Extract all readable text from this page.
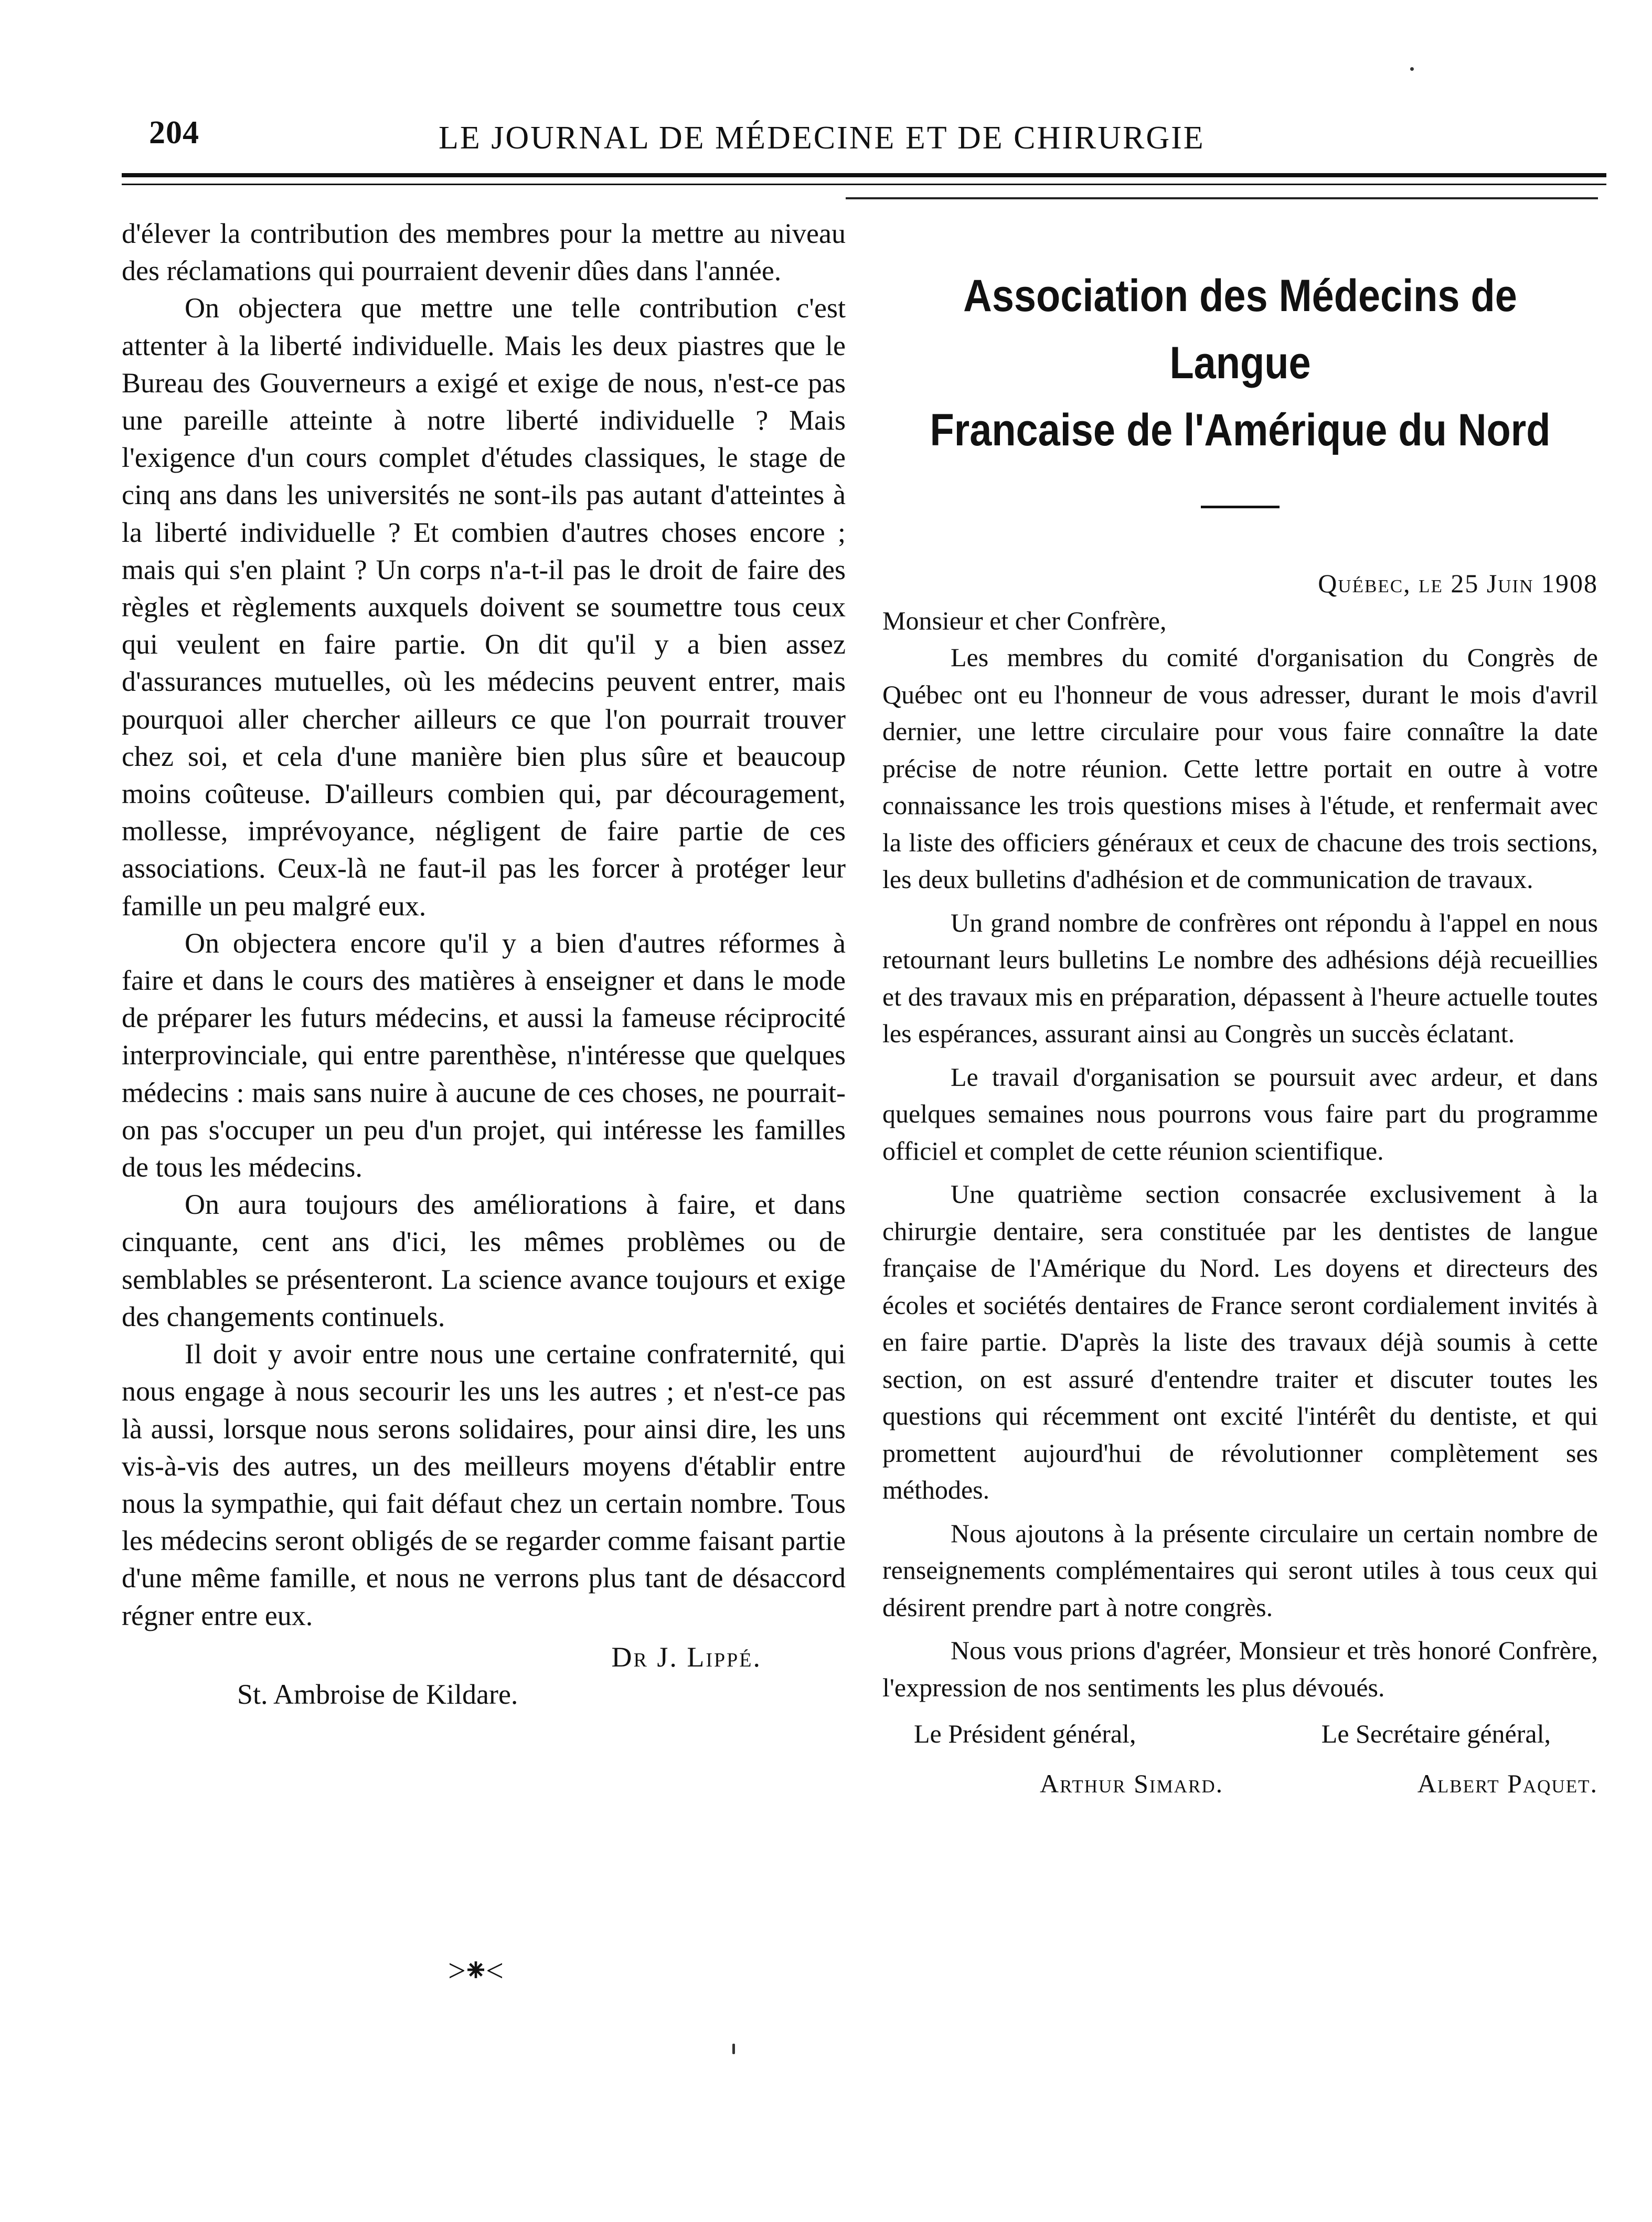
204	LE JOURNAL DE MÉDECINE ET DE CHIRURGIE

d'élever la contribution des membres pour la mettre au niveau des réclamations qui pourraient devenir dûes dans l'année.

On objectera que mettre une telle contribution c'est attenter à la liberté individuelle. Mais les deux piastres que le Bureau des Gouverneurs a exigé et exige de nous, n'est-ce pas une pareille atteinte à notre liberté individuelle ? Mais l'exigence d'un cours complet d'études classiques, le stage de cinq ans dans les universités ne sont-ils pas autant d'atteintes à la liberté individuelle ? Et combien d'autres choses encore ; mais qui s'en plaint ? Un corps n'a-t-il pas le droit de faire des règles et règlements auxquels doivent se soumettre tous ceux qui veulent en faire partie. On dit qu'il y a bien assez d'assurances mutuelles, où les médecins peuvent entrer, mais pourquoi aller chercher ailleurs ce que l'on pourrait trouver chez soi, et cela d'une manière bien plus sûre et beaucoup moins coûteuse. D'ailleurs combien qui, par découragement, mollesse, imprévoyance, négligent de faire partie de ces associations. Ceux-là ne faut-il pas les forcer à protéger leur famille un peu malgré eux.

On objectera encore qu'il y a bien d'autres réformes à faire et dans le cours des matières à enseigner et dans le mode de préparer les futurs médecins, et aussi la fameuse réciprocité interprovinciale, qui entre parenthèse, n'intéresse que quelques médecins : mais sans nuire à aucune de ces choses, ne pourrait-on pas s'occuper un peu d'un projet, qui intéresse les familles de tous les médecins.

On aura toujours des améliorations à faire, et dans cinquante, cent ans d'ici, les mêmes problèmes ou de semblables se présenteront. La science avance toujours et exige des changements continuels.

Il doit y avoir entre nous une certaine confraternité, qui nous engage à nous secourir les uns les autres ; et n'est-ce pas là aussi, lorsque nous serons solidaires, pour ainsi dire, les uns vis-à-vis des autres, un des meilleurs moyens d'établir entre nous la sympathie, qui fait défaut chez un certain nombre. Tous les médecins seront obligés de se regarder comme faisant partie d'une même famille, et nous ne verrons plus tant de désaccord régner entre eux.

Dr J. Lippé.
St. Ambroise de Kildare.
>⁕<

Association des Médecins de Langue

Francaise de l'Amérique du Nord

Québec, le 25 Juin 1908

Monsieur et cher Confrère,

Les membres du comité d'organisation du Congrès de Québec ont eu l'honneur de vous adresser, durant le mois d'avril dernier, une lettre circulaire pour vous faire connaître la date précise de notre réunion. Cette lettre portait en outre à votre connaissance les trois questions mises à l'étude, et renfermait avec la liste des officiers généraux et ceux de chacune des trois sections, les deux bulletins d'adhésion et de communication de travaux.

Un grand nombre de confrères ont répondu à l'appel en nous retournant leurs bulletins Le nombre des adhésions déjà recueillies et des travaux mis en préparation, dépassent à l'heure actuelle toutes les espérances, assurant ainsi au Congrès un succès éclatant.

Le travail d'organisation se poursuit avec ardeur, et dans quelques semaines nous pourrons vous faire part du programme officiel et complet de cette réunion scientifique.

Une quatrième section consacrée exclusivement à la chirurgie dentaire, sera constituée par les dentistes de langue française de l'Amérique du Nord. Les doyens et directeurs des écoles et sociétés dentaires de France seront cordialement invités à en faire partie. D'après la liste des travaux déjà soumis à cette section, on est assuré d'entendre traiter et discuter toutes les questions qui récemment ont excité l'intérêt du dentiste, et qui promettent aujourd'hui de révolutionner complètement ses méthodes.

Nous ajoutons à la présente circulaire un certain nombre de renseignements complémentaires qui seront utiles à tous ceux qui désirent prendre part à notre congrès.

Nous vous prions d'agréer, Monsieur et très honoré Confrère, l'expression de nos sentiments les plus dévoués.

Le Président général,	Le Secrétaire général,
Arthur Simard.	Albert Paquet.
